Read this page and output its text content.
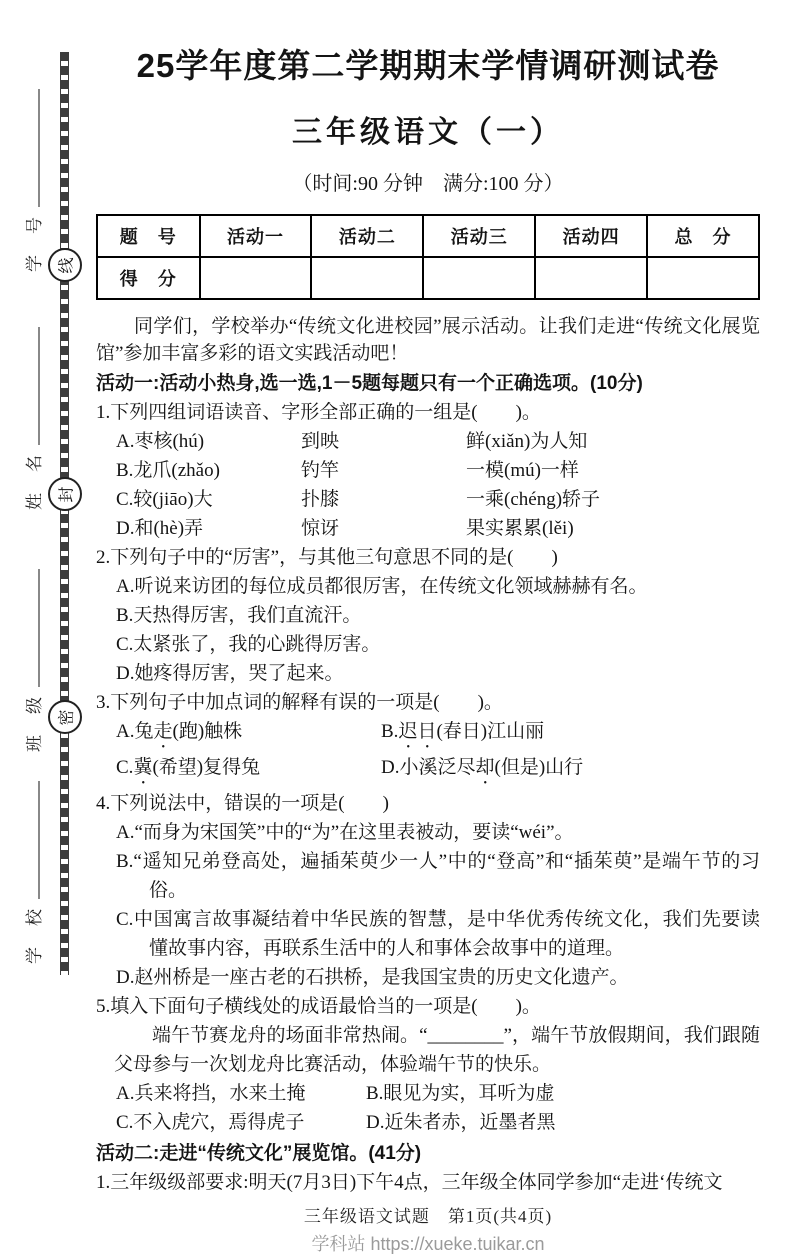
学　号
姓　名
班　级
学　校
线
封
密
25学年度第二学期期末学情调研测试卷
三年级语文（一）
（时间:90 分钟　满分:100 分）
题　号	活动一	活动二	活动三	活动四	总　分
得　分					
同学们，学校举办“传统文化进校园”展示活动。让我们走进“传统文化展览馆”参加丰富多彩的语文实践活动吧！
活动一:活动小热身,选一选,1－5题每题只有一个正确选项。(10分)
1.下列四组词语读音、字形全部正确的一组是(　　)。
A.枣核(hú)	到映	鲜(xiǎn)为人知
B.龙爪(zhǎo)	钓竿	一模(mú)一样
C.较(jiāo)大	扑膝	一乘(chéng)轿子
D.和(hè)弄	惊讶	果实累累(lěi)
2.下列句子中的“厉害”，与其他三句意思不同的是(　　)
A.听说来访团的每位成员都很厉害，在传统文化领域赫赫有名。
B.天热得厉害，我们直流汗。
C.太紧张了，我的心跳得厉害。
D.她疼得厉害，哭了起来。
3.下列句子中加点词的解释有误的一项是(　　)。
A.兔走(跑)触株	B.迟日(春日)江山丽
C.冀(希望)复得兔	D.小溪泛尽却(但是)山行
4.下列说法中，错误的一项是(　　)
A.“而身为宋国笑”中的“为”在这里表被动，要读“wéi”。
B.“遥知兄弟登高处，遍插茱萸少一人”中的“登高”和“插茱萸”是端午节的习俗。
C.中国寓言故事凝结着中华民族的智慧，是中华优秀传统文化，我们先要读懂故事内容，再联系生活中的人和事体会故事中的道理。
D.赵州桥是一座古老的石拱桥，是我国宝贵的历史文化遗产。
5.填入下面句子横线处的成语最恰当的一项是(　　)。
端午节赛龙舟的场面非常热闹。“________”，端午节放假期间，我们跟随父母参与一次划龙舟比赛活动，体验端午节的快乐。
A.兵来将挡，水来土掩	B.眼见为实，耳听为虚
C.不入虎穴，焉得虎子	D.近朱者赤，近墨者黑
活动二:走进“传统文化”展览馆。(41分)
1.三年级级部要求:明天(7月3日)下午4点，三年级全体同学参加“走进‘传统文
三年级语文试题　第1页(共4页)
学科站 https://xueke.tuikar.cn
